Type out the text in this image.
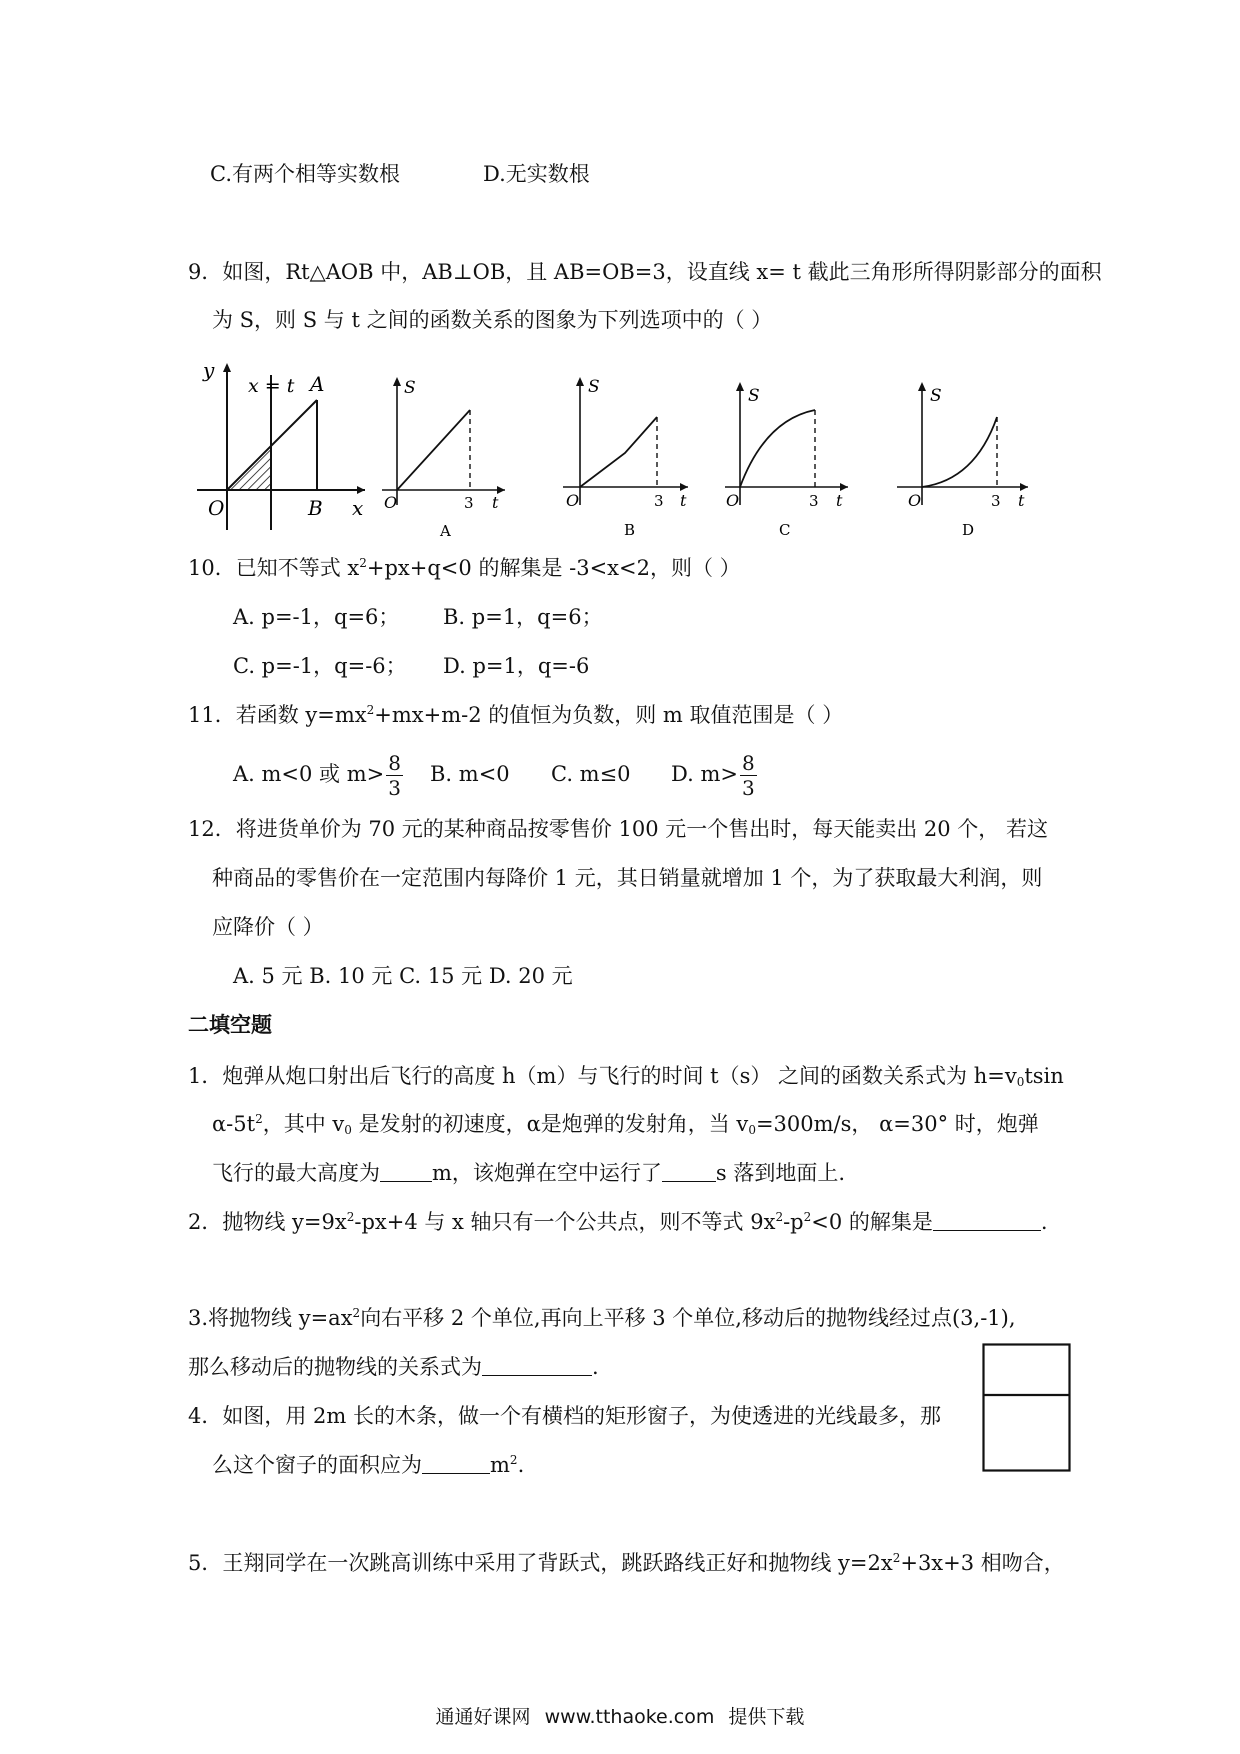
C.有两个相等实数根	D.无实数根
9．如图，Rt△AOB 中，AB⊥OB，且 AB=OB=3，设直线 x= t 截此三角形所得阴影部分的面积
为 S，则 S 与 t 之间的函数关系的图象为下列选项中的（ ）
y
x = t A
O	B x
S
O	3 t
A
S
O	3 t
B
S
O	3 t
C
S
O	3 t
D
10．已知不等式 $x^2+px+q<0$ 的解集是 -3<x<2，则（ ）
A. p=-1，q=6； B. p=1，q=6；
C. p=-1，q=-6； D. p=1，q=-6
11．若函数 $y=mx^2+mx+m-2$ 的值恒为负数，则 m 取值范围是（ ）
A. m<0 或 $m> \frac{8}{3} B$. m<0 C. m≤0 D. $m> \frac{8}{3}$
12．将进货单价为 70 元的某种商品按零售价 100 元一个售出时，每天能卖出 20 个， 若这
种商品的零售价在一定范围内每降价 1 元，其日销量就增加 1 个，为了获取最大利润，则
应降价（ ）
A. 5 元 B. 10 元 C. 15 元 D. 20 元
二填空题
1．炮弹从炮口射出后飞行的高度 h（m）与飞行的时间 t（s） 之间的函数关系式为 $h=v_0tsin$
$\alpha-5t^2$，其中 $v_0$ 是发射的初速度，α是炮弹的发射角，当 $v_0=300m/s$， α=30° 时，炮弹
飞行的最大高度为 m，该炮弹在空中运行了	s 落到地面上.
2．抛物线 $y=9x^2-px+4$ 与 x 轴只有一个公共点，则不等式 $9x^2-p^2<0$ 的解集是	.
3.将抛物线 $y=ax^2$向右平移 2 个单位,再向上平移 3 个单位,移动后的抛物线经过点(3,-1),
那么移动后的抛物线的关系式为	.
4．如图，用 2m 长的木条，做一个有横档的矩形窗子，为使透进的光线最多，那
么这个窗子的面积应为	$m^2$.
5．王翔同学在一次跳高训练中采用了背跃式，跳跃路线正好和抛物线 $y=2x^2+3x+3$ 相吻合，
通通好课网 www.tthaoke.com 提供下载
